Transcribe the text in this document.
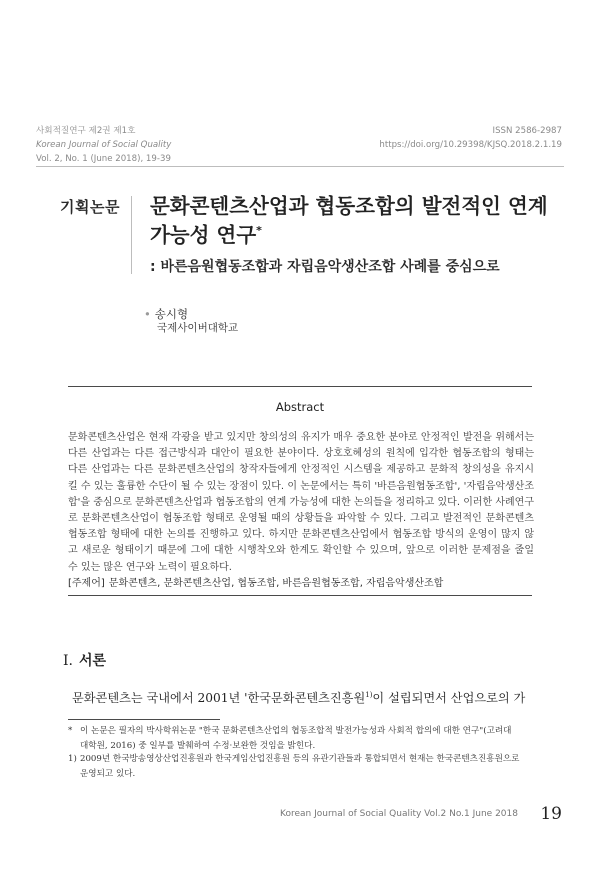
사회적질연구 제2권 제1호
Korean Journal of Social Quality
Vol. 2, No. 1 (June 2018), 19-39
ISSN 2586-2987
https://doi.org/10.29398/KJSQ.2018.2.1.19
기획논문 문화콘텐츠산업과 협동조합의 발전적인 연계
가능성 연구*
: 바른음원협동조합과 자립음악생산조합 사례를 중심으로
• 송시형
국제사이버대학교
Abstract
문화콘텐츠산업은 현재 각광을 받고 있지만 창의성의 유지가 매우 중요한 분야로 안정적인 발전을 위해서는 다른 산업과는 다른 접근방식과 대안이 필요한 분야이다. 상호호혜성의 원칙에 입각한 협동조합의 형태는 다른 산업과는 다른 문화콘텐츠산업의 창작자들에게 안정적인 시스템을 제공하고 문화적 창의성을 유지시킬 수 있는 훌륭한 수단이 될 수 있는 장점이 있다. 이 논문에서는 특히 '바른음원협동조합', '자립음악생산조합'을 중심으로 문화콘텐츠산업과 협동조합의 연계 가능성에 대한 논의들을 정리하고 있다. 이러한 사례연구로 문화콘텐츠산업이 협동조합 형태로 운영될 때의 상황들을 파악할 수 있다. 그리고 발전적인 문화콘텐츠 협동조합 형태에 대한 논의를 진행하고 있다. 하지만 문화콘텐츠산업에서 협동조합 방식의 운영이 많지 않고 새로운 형태이기 때문에 그에 대한 시행착오와 한계도 확인할 수 있으며, 앞으로 이러한 문제점을 줄일 수 있는 많은 연구와 노력이 필요하다.
[주제어] 문화콘텐츠, 문화콘텐츠산업, 협동조합, 바른음원협동조합, 자립음악생산조합
Ⅰ. 서론
문화콘텐츠는 국내에서 2001년 '한국문화콘텐츠진흥원$^{1)}$이 설립되면서 산업으로의 가
* 이 논문은 필자의 박사학위논문 "한국 문화콘텐츠산업의 협동조합적 발전가능성과 사회적 합의에 대한 연구"(고려대
대학원, 2016) 중 일부를 발췌하여 수정·보완한 것임을 밝힌다.
1) 2009년 한국방송영상산업진흥원과 한국게임산업진흥원 등의 유관기관들과 통합되면서 현재는 한국콘텐츠진흥원으로
운영되고 있다.
Korean Journal of Social Quality Vol.2 No.1 June 2018 19
